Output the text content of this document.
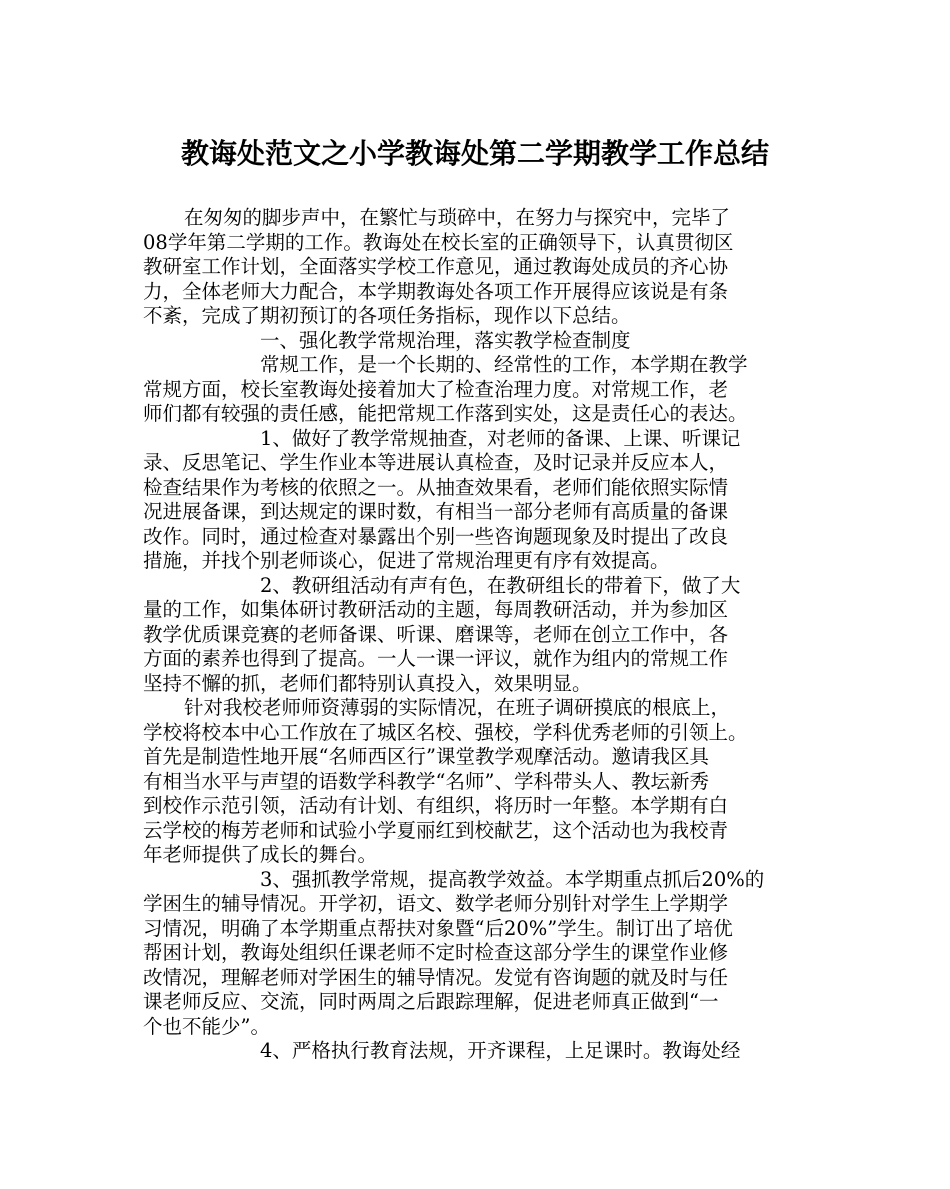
教诲处范文之小学教诲处第二学期教学工作总结
在匆匆的脚步声中，在繁忙与琐碎中，在努力与探究中，完毕了
08学年第二学期的工作。教诲处在校长室的正确领导下，认真贯彻区
教研室工作计划，全面落实学校工作意见，通过教诲处成员的齐心协
力，全体老师大力配合，本学期教诲处各项工作开展得应该说是有条
不紊，完成了期初预订的各项任务指标，现作以下总结。
一、强化教学常规治理，落实教学检查制度
常规工作，是一个长期的、经常性的工作，本学期在教学
常规方面，校长室教诲处接着加大了检查治理力度。对常规工作，老
师们都有较强的责任感，能把常规工作落到实处，这是责任心的表达。
1、做好了教学常规抽查，对老师的备课、上课、听课记
录、反思笔记、学生作业本等进展认真检查，及时记录并反应本人，
检查结果作为考核的依照之一。从抽查效果看，老师们能依照实际情
况进展备课，到达规定的课时数，有相当一部分老师有高质量的备课
改作。同时，通过检查对暴露出个别一些咨询题现象及时提出了改良
措施，并找个别老师谈心，促进了常规治理更有序有效提高。
2、教研组活动有声有色，在教研组长的带着下，做了大
量的工作，如集体研讨教研活动的主题，每周教研活动，并为参加区
教学优质课竞赛的老师备课、听课、磨课等，老师在创立工作中，各
方面的素养也得到了提高。一人一课一评议，就作为组内的常规工作
坚持不懈的抓，老师们都特别认真投入，效果明显。
针对我校老师师资薄弱的实际情况，在班子调研摸底的根底上，
学校将校本中心工作放在了城区名校、强校，学科优秀老师的引领上。
首先是制造性地开展“名师西区行”课堂教学观摩活动。邀请我区具
有相当水平与声望的语数学科教学“名师”、学科带头人、教坛新秀
到校作示范引领，活动有计划、有组织，将历时一年整。本学期有白
云学校的梅芳老师和试验小学夏丽红到校献艺，这个活动也为我校青
年老师提供了成长的舞台。
3、强抓教学常规，提高教学效益。本学期重点抓后20%的
学困生的辅导情况。开学初，语文、数学老师分别针对学生上学期学
习情况，明确了本学期重点帮扶对象暨“后20%”学生。制订出了培优
帮困计划，教诲处组织任课老师不定时检查这部分学生的课堂作业修
改情况，理解老师对学困生的辅导情况。发觉有咨询题的就及时与任
课老师反应、交流，同时两周之后跟踪理解，促进老师真正做到“一
个也不能少”。
4、严格执行教育法规，开齐课程，上足课时。教诲处经
